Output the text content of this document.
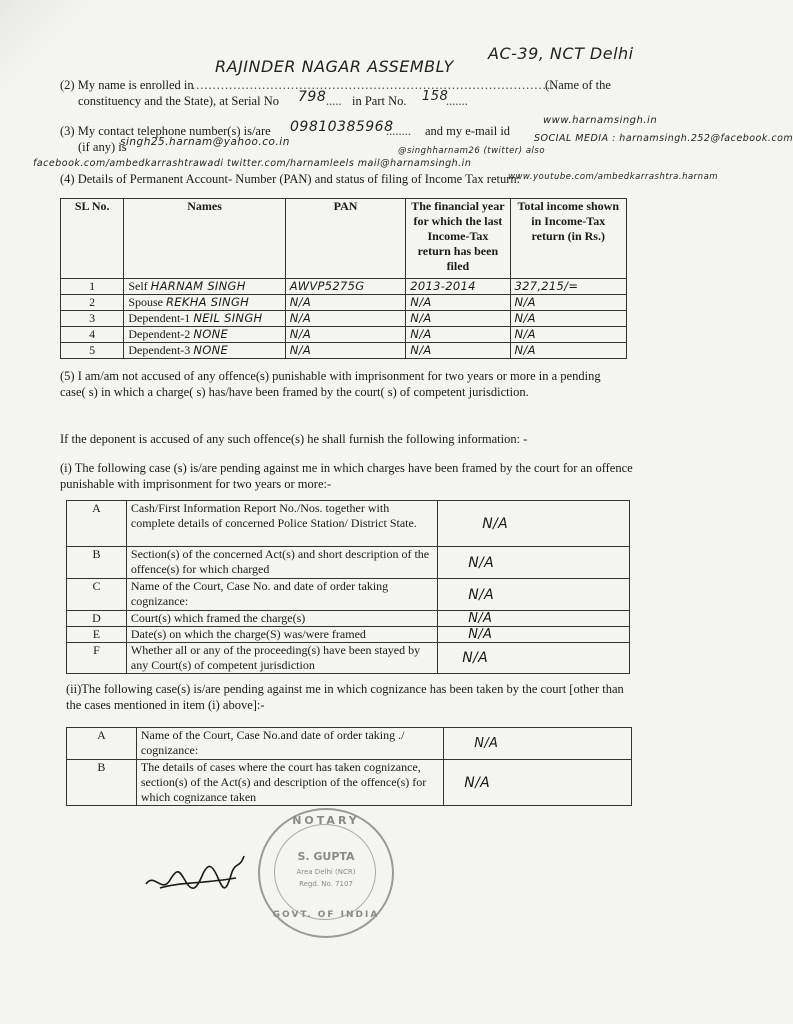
RAJINDER NAGAR ASSEMBLY
AC-39, NCT Delhi
(2) My name is enrolled in
........................................................................................
(Name of the
constituency and the State), at Serial No 798 ..... in Part No. 158
.......
www.harnamsingh.in
(3) My contact telephone number(s) is/are 09810385968
........ and my e-mail id
SOCIAL MEDIA : harnamsingh.252@facebook.com
(if any) is
singh25.harnam@yahoo.co.in
@singhharnam26 (twitter) also
facebook.com/ambedkarrashtrawadi twitter.com/harnamleels mail@harnamsingh.in
www.youtube.com/ambedkarrashtra.harnam
(4) Details of Permanent Account- Number (PAN) and status of filing of Income Tax return:
SL No.	Names	PAN	The financial year for which the last Income-Tax return has been filed	Total income shown in Income-Tax return (in Rs.)
1	Self HARNAM SINGH	AWVP5275G	2013-2014	327,215/=
2	Spouse REKHA SINGH	N/A	N/A	N/A
3	Dependent-1 NEIL SINGH	N/A	N/A	N/A
4	Dependent-2 NONE	N/A	N/A	N/A
5	Dependent-3 NONE	N/A	N/A	N/A
(5) I am/am not accused of any offence(s) punishable with imprisonment for two years or more in a pending case( s) in which a charge( s) has/have been framed by the court( s) of competent jurisdiction.
If the deponent is accused of any such offence(s) he shall furnish the following information: -
(i) The following case (s) is/are pending against me in which charges have been framed by the court for an offence punishable with imprisonment for two years or more:-
A	Cash/First Information Report No./Nos. together with complete details of concerned Police Station/ District State.	N/A
B	Section(s) of the concerned Act(s) and short description of the offence(s) for which charged	N/A
C	Name of the Court, Case No. and date of order taking cognizance:	N/A
D	Court(s) which framed the charge(s)	N/A
E	Date(s) on which the charge(S) was/were framed	N/A
F	Whether all or any of the proceeding(s) have been stayed by any Court(s) of competent jurisdiction	N/A
(ii)The following case(s) is/are pending against me in which cognizance has been taken by the court [other than the cases mentioned in item (i) above]:-
A	Name of the Court, Case No.and date of order taking ./ cognizance:	N/A
B	The details of cases where the court has taken cognizance, section(s) of the Act(s) and description of the offence(s) for which cognizance taken	N/A
NOTARY
S. GUPTA
Area Delhi (NCR)
Regd. No. 7107
GOVT. OF INDIA
